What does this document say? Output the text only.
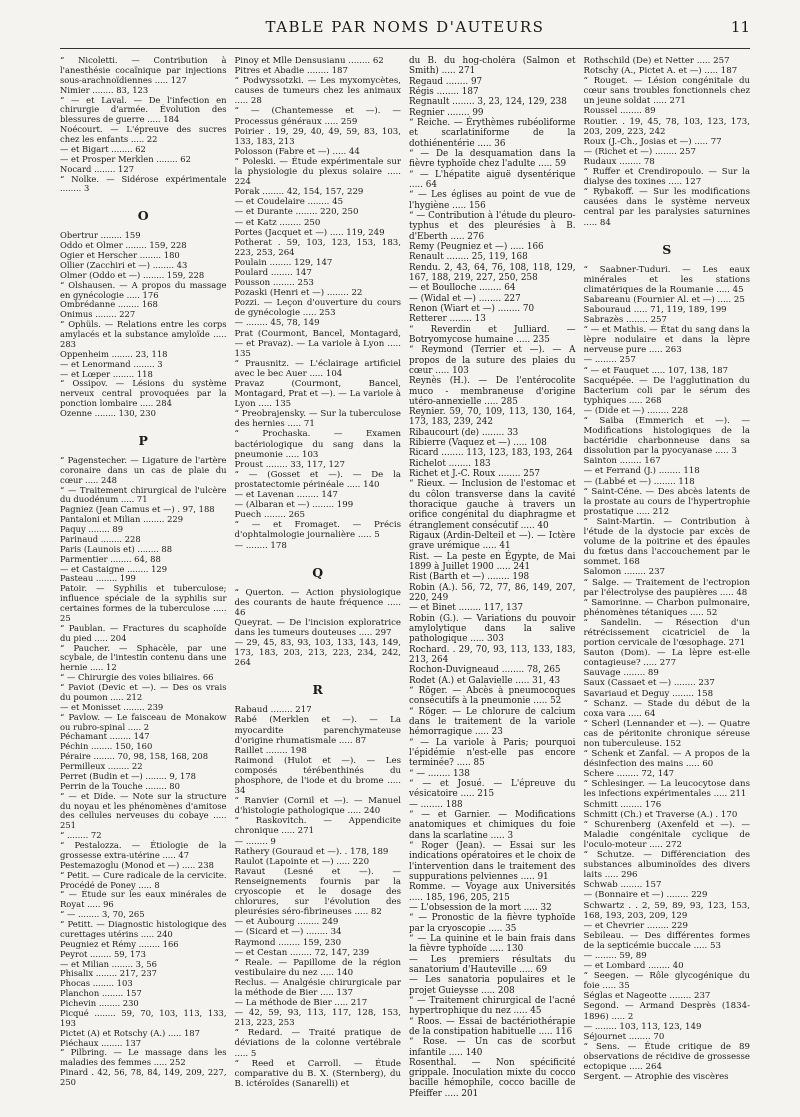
TABLE PAR NOMS D'AUTEURS	11
“ Nicoletti. — Contribution à l'anesthésie cocaïnique par injections sous-arachnoïdiennes ..... 127
Nimier ........ 83, 123
“ — et Laval. — De l'infection en chirurgie d'armée. Évolution des blessures de guerre ..... 184
Noécourt. — L'épreuve des sucres chez les enfants ..... 22
— et Bigart ........ 62
— et Prosper Merklen ........ 62
Nocard ........ 127
“ Nolke. — Sidérose expérimentale ........ 3
O
Obertrur ........ 159
Oddo et Olmer ........ 159, 228
Ogier et Herscher ........ 180
Ollier (Zacchiri et —) ........ 43
Olmer (Oddo et —) ........ 159, 228
“ Olshausen. — A propos du massage en gynécologie ..... 176
Ombrédanne ........ 168
Onimus ........ 227
“ Ophüls. — Relations entre les corps amylacés et la substance amyloïde ..... 283
Oppenheim ........ 23, 118
— et Lenormand ........ 3
— et Lœper ........ 118
“ Ossipov. — Lésions du système nerveux central provoquées par la ponction lombaire ..... 284
Ozenne ........ 130, 230
P
“ Pagenstecher. — Ligature de l'artère coronaire dans un cas de plaie du cœur ..... 248
“ — Traitement chirurgical de l'ulcère du duodénum ..... 71
Pagniez (Jean Camus et —) . 97, 188
Pantaloni et Milian ........ 229
Paquy ........ 89
Parinaud ........ 228
Paris (Launois et) ........ 88
Parmentier ........ 64, 88
— et Castaigne ........ 129
Pasteau ........ 199
Patoir. — Syphilis et tuberculose; influence spéciale de la syphilis sur certaines formes de la tuberculose ..... 25
“ Paublan. — Fractures du scaphoïde du pied ..... 204
“ Paucher. — Sphacèle, par une scybale, de l'intestin contenu dans une hernie ..... 12
“ — Chirurgie des voies biliaires. 66
“ Paviot (Devic et —). — Des os vrais du poumon ..... 212
— et Monisset ........ 239
“ Pavlow. — Le faisceau de Monakow ou rubro-spinal ..... 2
Péchamant ........ 147
Péchin ........ 150, 160
Péraire ........ 70, 98, 158, 168, 208
Permilleux ........ 22
Perret (Budin et —) ........ 9, 178
Perrin de la Touche ........ 80
“ — et Dide. — Note sur la structure du noyau et les phénomènes d'amitose des cellules nerveuses du cobaye ..... 251
“ ........ 72
“ Pestalozza. — Étiologie de la grossesse extra-utérine ..... 47
Pestemazoglu (Monod et —) ..... 238
“ Petit. — Cure radicale de la cervicite. Procédé de Poney ..... 8
“ — Étude sur les eaux minérales de Royat ..... 96
“ — ........ 3, 70, 265
“ Petitt. — Diagnostic histologique des curettages utérins ..... 240
Peugniez et Rémy ........ 166
Peyrot ........ 59, 173
— et Milian ........ 3, 56
Phisalix ........ 217, 237
Phocas ........ 103
Planchon ........ 157
Pichevin ........ 230
Picqué ........ 59, 70, 103, 113, 133, 193
Pictet (A) et Rotschy (A.) ..... 187
Piéchaux ........ 137
“ Pilbring. — Le massage dans les maladies des femmes ..... 252
Pinard . 42, 56, 78, 84, 149, 209, 227, 250
Pinoy et Mlle Densusianu ........ 62
Pitres et Abadie ........ 187
“ Podwyssotzki. — Les myxomycètes, causes de tumeurs chez les animaux ..... 28
“ — (Chantemesse et —). — Processus généraux ..... 259
Poirier . 19, 29, 40, 49, 59, 83, 103, 133, 183, 213
Polosson (Fabre et —) ..... 44
“ Poleski. — Étude expérimentale sur la physiologie du plexus solaire ..... 224
Porak ........ 42, 154, 157, 229
— et Coudelaire ........ 45
— et Durante ........ 220, 250
— et Katz ........ 250
Portes (Jacquet et —) ..... 119, 249
Potherat . 59, 103, 123, 153, 183, 223, 253, 264
Poulain ........ 129, 147
Poulard ........ 147
Pousson ........ 253
Pozaski (Henri et —) ........ 22
Pozzi. — Leçon d'ouverture du cours de gynécologie ..... 253
— ........ 45, 78, 149
Prat (Courmont, Bancel, Montagard, — et Pravaz). — La variole à Lyon ..... 135
“ Prausnitz. — L'éclairage artificiel avec le bec Auer ..... 104
Pravaz (Courmont, Bancel, Montagard, Prat et —). — La variole à Lyon ..... 135
“ Preobrajensky. — Sur la tuberculose des hernies ..... 71
“ Prochaska. — Examen bactériologique du sang dans la pneumonie ..... 103
Proust ........ 33, 117, 127
“ — (Gosset et —). — De la prostatectomie périnéale ..... 140
— et Lavenan ........ 147
— (Albaran et —) ........ 199
Puech ........ 265
“ — et Fromaget. — Précis d'ophtalmologie journalière ..... 5
— ........ 178
Q
“ Querton. — Action physiologique des courants de haute fréquence ..... 46
Queyrat. — De l'incision exploratrice dans les tumeurs douteuses ..... 297
— 29, 45, 83, 93, 103, 133, 143, 149, 173, 183, 203, 213, 223, 234, 242, 264
R
Rabaud ........ 217
Rabé (Merklen et —). — La myocardite parenchymateuse d'origine rhumatismale ..... 87
Raillet ........ 198
Raimond (Hulot et —). — Les composés térébenthinés du phosphore, de l'iode et du brome ..... 34
“ Ranvier (Cornil et —). — Manuel d'histologie pathologique ..... 240
“ Raskovitch. — Appendicite chronique ..... 271
— ........ 9
Rathery (Gouraud et —). . 178, 189
Raulot (Lapointe et —) ..... 220
Ravaut (Lesné et —). — Renseignements fournis par la cryoscopie et le dosage des chlorures, sur l'évolution des pleurésies séro-fibrineuses ..... 82
— et Aubourg ........ 249
— (Sicard et —) ........ 34
Raymond ........ 159, 230
— et Cestan ........ 72, 147, 239
“ Reale. — Papillome de la région vestibulaire du nez ..... 140
Reclus. — Analgésie chirurgicale par la méthode de Bier ..... 137
— La méthode de Bier ..... 217
— 42, 59, 93, 113, 117, 128, 153, 213, 223, 253
“ Redard. — Traité pratique de déviations de la colonne vertébrale ..... 5
“ Reed et Carroll. — Étude comparative du B. X. (Sternberg), du B. ictéroïdes (Sanarelli) et
du B. du hog-choléra (Salmon et Smith) ..... 271
Regaud ........ 97
Régis ........ 187
Regnault ........ 3, 23, 124, 129, 238
Regnier ........ 99
“ Reiche. — Érythèmes rubéoliforme et scarlatiniforme de la dothiénentérie ..... 36
“ — De la desquamation dans la fièvre typhoïde chez l'adulte ..... 59
“ — L'hépatite aiguë dysentérique ..... 64
“ — Les églises au point de vue de l'hygiène ..... 156
“ — Contribution à l'étude du pleuro-typhus et des pleurésies à B. d'Eberth ..... 276
Remy (Peugniez et —) ..... 166
Renault ........ 25, 119, 168
Rendu. 2, 43, 64, 76, 108, 118, 129, 167, 188, 219, 227, 250, 258
— et Boulloche ........ 64
— (Widal et —) ........ 227
Renon (Wiart et —) ........ 70
Retterer ........ 13
“ Reverdin et Julliard. — Botryomycose humaine ..... 235
“ Reymond (Terrier et —). — A propos de la suture des plaies du cœur ..... 103
Reynès (H.). — De l'entérocolite muco - membraneuse d'origine utéro-annexielle ..... 285
Reynier. 59, 70, 109, 113, 130, 164, 173, 183, 239, 242
Ribaucourt (de) ........ 33
Ribierre (Vaquez et —) ..... 108
Ricard ........ 113, 123, 183, 193, 264
Richelot ........ 183
Richet et J.-C. Roux ........ 257
“ Rieux. — Inclusion de l'estomac et du côlon transverse dans la cavité thoracique gauche à travers un orifice congénital du diaphragme et étranglement consécutif ..... 40
Rigaux (Ardin-Delteil et —). — Ictère grave urémique ..... 41
Rist. — La peste en Égypte, de Mai 1899 à Juillet 1900 ..... 241
Rist (Barth et —) ........ 198
Robin (A.). 56, 72, 77, 86, 149, 207, 220, 249
— et Binet ........ 117, 137
Robin (G.). — Variations du pouvoir amylolytique dans la salive pathologique ..... 303
Rochard. . 29, 70, 93, 113, 133, 183, 213, 264
Rochon-Duvigneaud ........ 78, 265
Rodet (A.) et Galavielle ..... 31, 43
“ Röger. — Abcès à pneumocoques consécutifs à la pneumonie ..... 52
“ Röger. — Le chlorure de calcium dans le traitement de la variole hémorragique ..... 23
“ — La variole à Paris; pourquoi l'épidémie n'est-elle pas encore terminée? ..... 85
“ — ........ 138
“ — et Josué. — L'épreuve du vésicatoire ..... 215
— ........ 188
“ — et Garnier. — Modifications anatomiques et chimiques du foie dans la scarlatine ..... 3
“ Roger (Jean). — Essai sur les indications opératoires et le choix de l'intervention dans le traitement des suppurations pelviennes ..... 91
Romme. — Voyage aux Universités ..... 185, 196, 205, 215
— L'obsession de la mort ..... 32
“ — Pronostic de la fièvre typhoïde par la cryoscopie ..... 35
“ — La quinine et le bain frais dans la fièvre typhoïde ..... 130
— Les premiers résultats du sanatorium d'Hauteville ..... 69
— Les sanatoria populaires et le projet Guieysse ..... 208
“ — Traitement chirurgical de l'acné hypertrophique du nez ..... 45
“ Roos. — Essai de bactériothérapie de la constipation habituelle ..... 116
“ Rose. — Un cas de scorbut infantile ..... 140
Rosenthal. — Non spécificité grippale. Inoculation mixte du cocco bacille hémophile, cocco bacille de Pfeiffer ..... 201
Rothschild (De) et Netter ..... 257
Rotschy (A., Pictet A. et —) ..... 187
“ Rouget. — Lésion congénitale du cœur sans troubles fonctionnels chez un jeune soldat ..... 271
Roussel ........ 89
Routier. . 19, 45, 78, 103, 123, 173, 203, 209, 223, 242
Roux (J.-Ch., Josias et —) ..... 77
— (Richet et —) ........ 257
Rudaux ........ 78
“ Ruffer et Crendiropoulo. — Sur la dialyse des toxines ..... 127
“ Rybakoff. — Sur les modifications causées dans le système nerveux central par les paralysies saturnines ..... 84
S
“ Saabner-Tuduri. — Les eaux minérales et les stations climatériques de la Roumanie ..... 45
Sabareanu (Fournier Al. et —) ..... 25
Sabouraud ..... 71, 119, 189, 199
Sabrazès ........ 257
“ — et Mathis. — État du sang dans la lèpre nodulaire et dans la lèpre nerveuse pure ..... 263
— ........ 257
“ — et Fauquet ..... 107, 138, 187
Sacquépée. — De l'agglutination du Bacterium coli par le sérum des typhiques ..... 268
— (Dide et —) ........ 228
“ Saiba (Emmerich et —). — Modifications histologiques de la bactéridie charbonneuse dans sa dissolution par la pyocyanase ..... 3
Sainton ........ 167
— et Ferrand (J.) ........ 118
— (Labbé et —) ........ 118
“ Saint-Céne. — Des abcès latents de la prostate au cours de l'hypertrophie prostatique ..... 212
“ Saint-Martin. — Contribution à l'étude de la dystocie par excès de volume de la poitrine et des épaules du fœtus dans l'accouchement par le sommet. 168
Salomon ........ 237
“ Salge. — Traitement de l'ectropion par l'électrolyse des paupières ..... 48
“ Samorinne. — Charbon pulmonaire, phénomènes tétaniques ..... 52
“ Sandelin. — Résection d'un rétrécissement cicatriciel de la portion cervicale de l'œsophage. 271
Sauton (Dom). — La lèpre est-elle contagieuse? ..... 277
Sauvage ........ 89
Saux (Cassaet et —) ........ 237
Savariaud et Deguy ........ 158
“ Schanz. — Stade du début de la coxa vara ..... 64
“ Scherl (Lennander et —). — Quatre cas de péritonite chronique séreuse non tuberculeuse. 152
“ Schenk et Zanfal. — A propos de la désinfection des mains ..... 60
Schere ........ 72, 147
“ Schlesinger. — La leucocytose dans les infections expérimentales ..... 211
Schmitt ........ 176
Schmitt (Ch.) et Traverse (A.) . 170
“ Schurenberg (Axenfeld et —). — Maladie congénitale cyclique de l'oculo-moteur ..... 272
“ Schutze. — Différenciation des substances albuminoïdes des divers laits ..... 296
Schwab ........ 157
— (Bonnaire et —) ........ 229
Schwartz . . 2, 59, 89, 93, 123, 153, 168, 193, 203, 209, 129
— et Chevrier ........ 229
Sebileau. — Des différentes formes de la septicémie buccale ..... 53
— ........ 59, 89
— et Lombard ........ 40
“ Seegen. — Rôle glycogénique du foie ..... 35
Séglas et Nageotte ........ 237
Segond. — Armand Desprès (1834-1896) ..... 2
— ........ 103, 113, 123, 149
Séjournet ........ 70
“ Sens. — Étude critique de 89 observations de récidive de grossesse ectopique ..... 264
Sergent. — Atrophie des viscères
